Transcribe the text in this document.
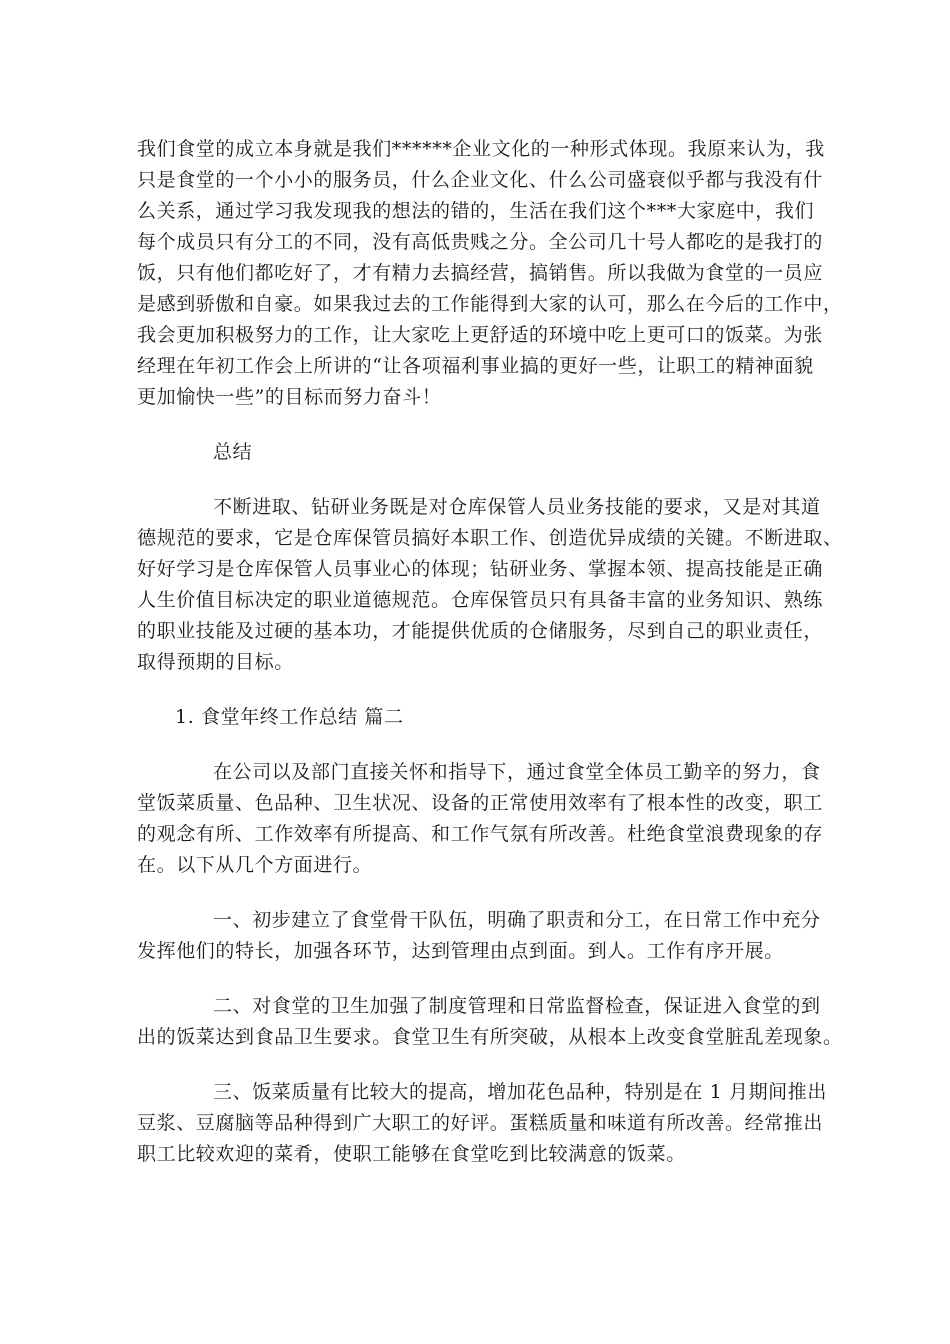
我们食堂的成立本身就是我们******企业文化的一种形式体现。我原来认为，我
只是食堂的一个小小的服务员，什么企业文化、什么公司盛衰似乎都与我没有什
么关系，通过学习我发现我的想法的错的，生活在我们这个***大家庭中，我们
每个成员只有分工的不同，没有高低贵贱之分。全公司几十号人都吃的是我打的
饭，只有他们都吃好了，才有精力去搞经营，搞销售。所以我做为食堂的一员应
是感到骄傲和自豪。如果我过去的工作能得到大家的认可，那么在今后的工作中，
我会更加积极努力的工作，让大家吃上更舒适的环境中吃上更可口的饭菜。为张
经理在年初工作会上所讲的“让各项福利事业搞的更好一些，让职工的精神面貌
更加愉快一些”的目标而努力奋斗！
总结
不断进取、钻研业务既是对仓库保管人员业务技能的要求，又是对其道
德规范的要求，它是仓库保管员搞好本职工作、创造优异成绩的关键。不断进取、
好好学习是仓库保管人员事业心的体现；钻研业务、掌握本领、提高技能是正确
人生价值目标决定的职业道德规范。仓库保管员只有具备丰富的业务知识、熟练
的职业技能及过硬的基本功，才能提供优质的仓储服务，尽到自己的职业责任，
取得预期的目标。
1. 食堂年终工作总结 篇二
在公司以及部门直接关怀和指导下，通过食堂全体员工勤辛的努力，食
堂饭菜质量、色品种、卫生状况、设备的正常使用效率有了根本性的改变，职工
的观念有所、工作效率有所提高、和工作气氛有所改善。杜绝食堂浪费现象的存
在。以下从几个方面进行。
一、初步建立了食堂骨干队伍，明确了职责和分工，在日常工作中充分
发挥他们的特长，加强各环节，达到管理由点到面。到人。工作有序开展。
二、对食堂的卫生加强了制度管理和日常监督检查，保证进入食堂的到
出的饭菜达到食品卫生要求。食堂卫生有所突破，从根本上改变食堂脏乱差现象。
三、饭菜质量有比较大的提高，增加花色品种，特别是在 1 月期间推出
豆浆、豆腐脑等品种得到广大职工的好评。蛋糕质量和味道有所改善。经常推出
职工比较欢迎的菜肴，使职工能够在食堂吃到比较满意的饭菜。
